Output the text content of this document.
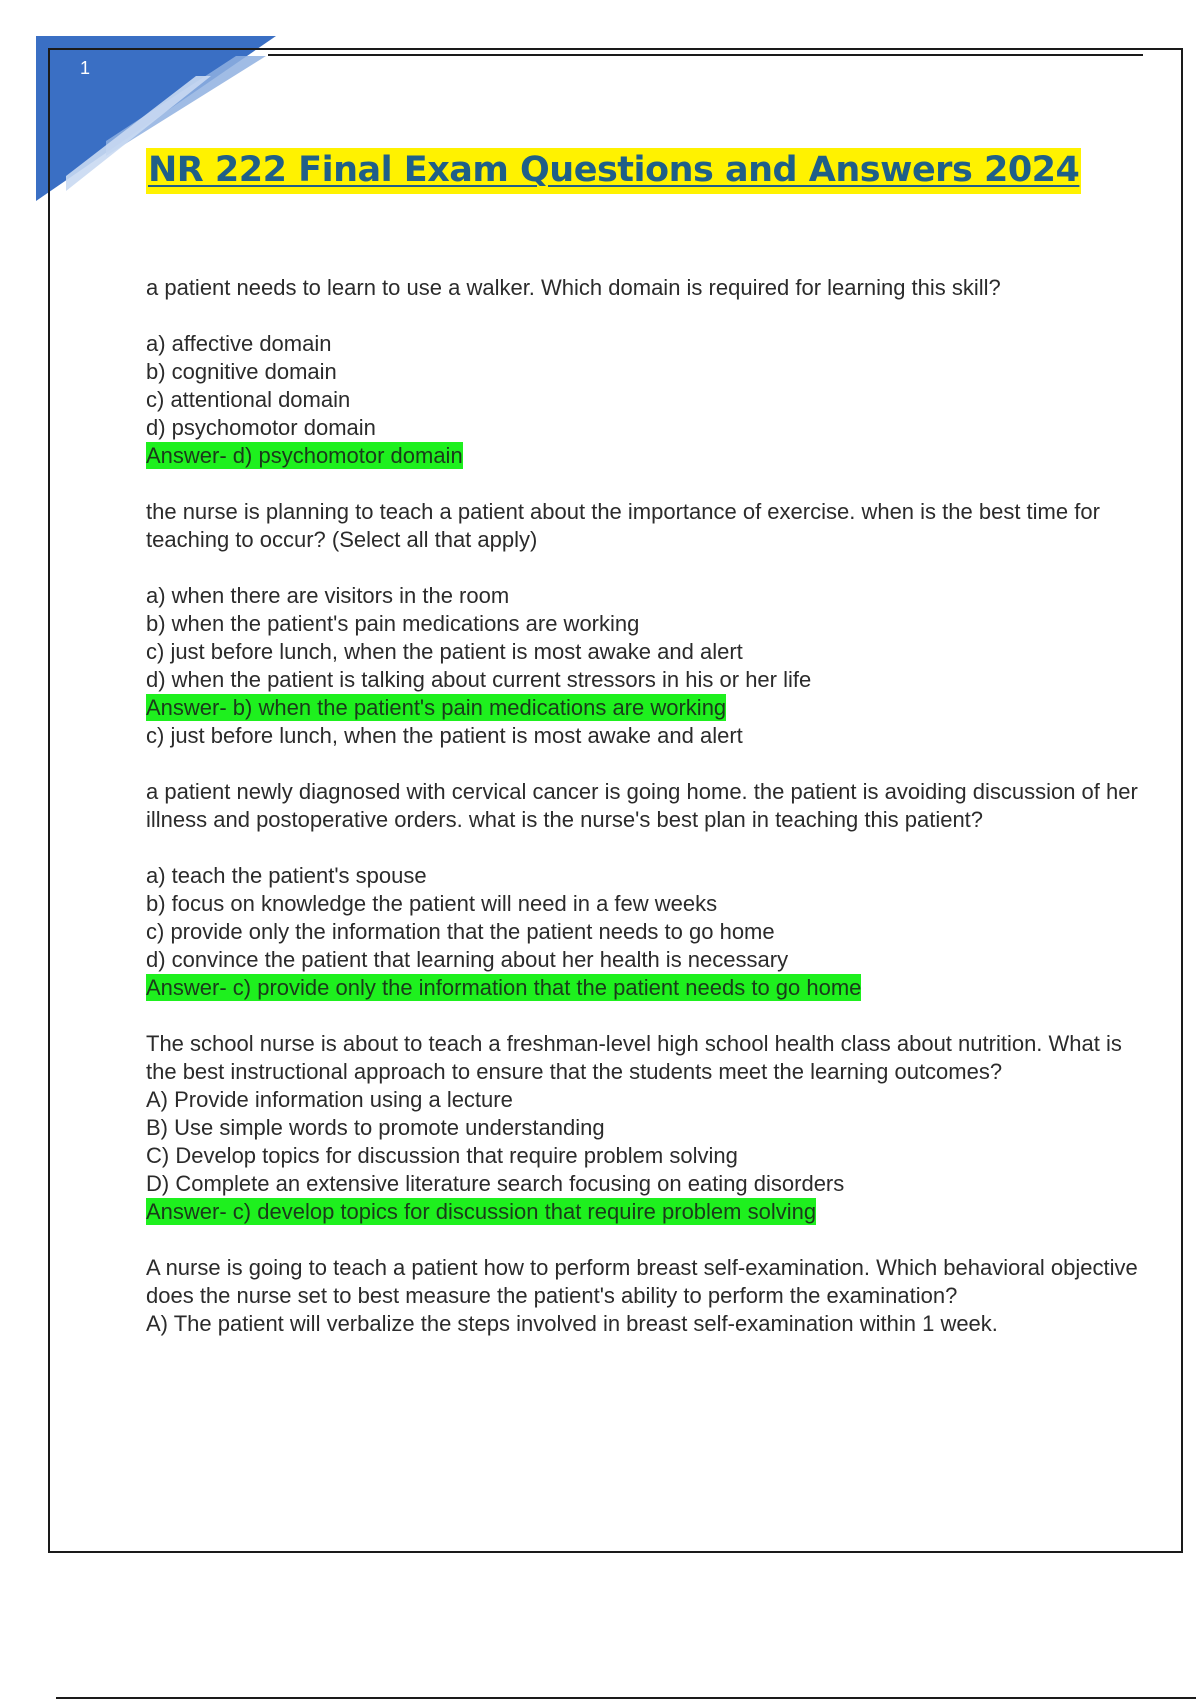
1
NR 222 Final Exam Questions and Answers 2024

a patient needs to learn to use a walker. Which domain is required for learning this skill?

a) affective domain
b) cognitive domain
c) attentional domain
d) psychomotor domain
Answer- d) psychomotor domain

the nurse is planning to teach a patient about the importance of exercise. when is the best time for teaching to occur? (Select all that apply)

a) when there are visitors in the room
b) when the patient's pain medications are working
c) just before lunch, when the patient is most awake and alert
d) when the patient is talking about current stressors in his or her life
Answer- b) when the patient's pain medications are working
c) just before lunch, when the patient is most awake and alert

a patient newly diagnosed with cervical cancer is going home. the patient is avoiding discussion of her illness and postoperative orders. what is the nurse's best plan in teaching this patient?

a) teach the patient's spouse
b) focus on knowledge the patient will need in a few weeks
c) provide only the information that the patient needs to go home
d) convince the patient that learning about her health is necessary
Answer- c) provide only the information that the patient needs to go home

The school nurse is about to teach a freshman-level high school health class about nutrition. What is the best instructional approach to ensure that the students meet the learning outcomes?

A) Provide information using a lecture
B) Use simple words to promote understanding
C) Develop topics for discussion that require problem solving
D) Complete an extensive literature search focusing on eating disorders
Answer- c) develop topics for discussion that require problem solving

A nurse is going to teach a patient how to perform breast self-examination. Which behavioral objective does the nurse set to best measure the patient's ability to perform the examination?

A) The patient will verbalize the steps involved in breast self-examination within 1 week.
